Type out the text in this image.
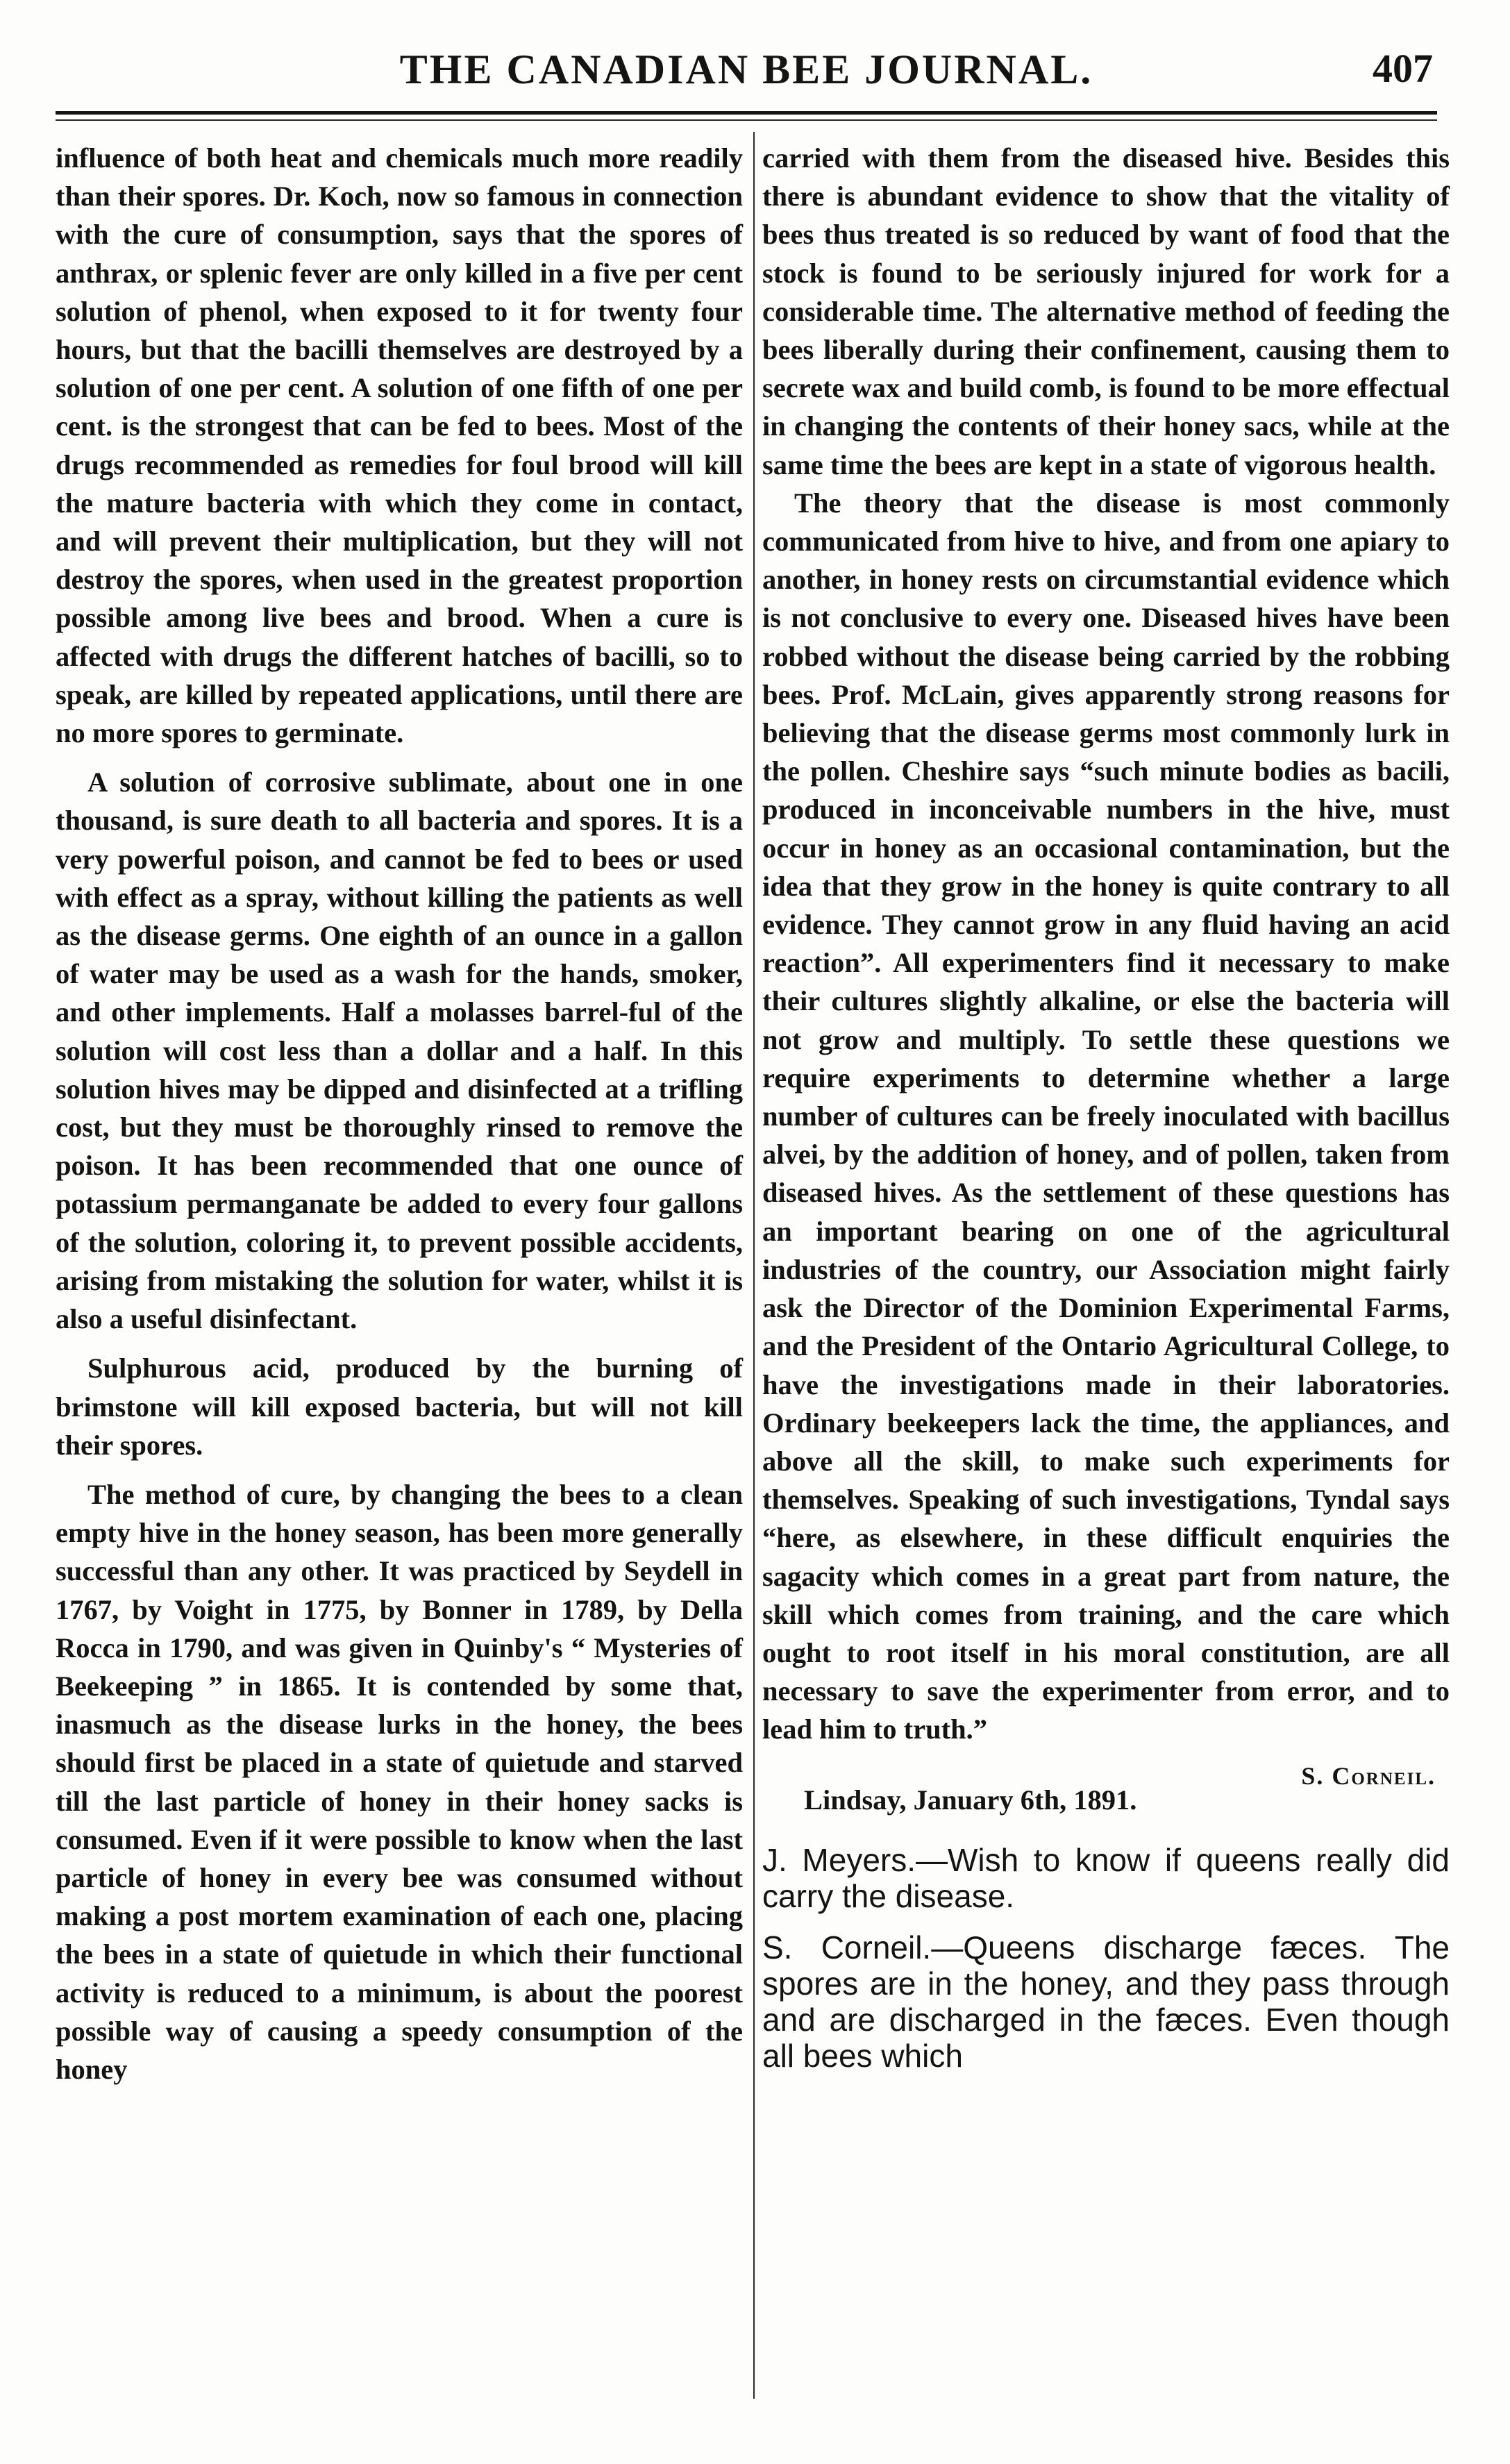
THE CANADIAN BEE JOURNAL.	407

influence of both heat and chemicals much more readily than their spores. Dr. Koch, now so famous in connection with the cure of consumption, says that the spores of anthrax, or splenic fever are only killed in a five per cent solution of phenol, when exposed to it for twenty four hours, but that the bacilli themselves are destroyed by a solution of one per cent. A solution of one fifth of one per cent. is the strongest that can be fed to bees. Most of the drugs recommended as remedies for foul brood will kill the mature bacteria with which they come in contact, and will prevent their multiplication, but they will not destroy the spores, when used in the greatest proportion possible among live bees and brood. When a cure is affected with drugs the different hatches of bacilli, so to speak, are killed by repeated applications, until there are no more spores to germinate.

A solution of corrosive sublimate, about one in one thousand, is sure death to all bacteria and spores. It is a very powerful poison, and cannot be fed to bees or used with effect as a spray, without killing the patients as well as the disease germs. One eighth of an ounce in a gallon of water may be used as a wash for the hands, smoker, and other implements. Half a molasses barrel-ful of the solution will cost less than a dollar and a half. In this solution hives may be dipped and disinfected at a trifling cost, but they must be thoroughly rinsed to remove the poison. It has been recommended that one ounce of potassium permanganate be added to every four gallons of the solution, coloring it, to prevent possible accidents, arising from mistaking the solution for water, whilst it is also a useful disinfectant.

Sulphurous acid, produced by the burning of brimstone will kill exposed bacteria, but will not kill their spores.

The method of cure, by changing the bees to a clean empty hive in the honey season, has been more generally successful than any other. It was practiced by Seydell in 1767, by Voight in 1775, by Bonner in 1789, by Della Rocca in 1790, and was given in Quinby's “ Mysteries of Beekeeping ” in 1865. It is contended by some that, inasmuch as the disease lurks in the honey, the bees should first be placed in a state of quietude and starved till the last particle of honey in their honey sacks is consumed. Even if it were possible to know when the last particle of honey in every bee was consumed without making a post mortem examination of each one, placing the bees in a state of quietude in which their functional activity is reduced to a minimum, is about the poorest possible way of causing a speedy consumption of the honey

carried with them from the diseased hive. Besides this there is abundant evidence to show that the vitality of bees thus treated is so reduced by want of food that the stock is found to be seriously injured for work for a considerable time. The alternative method of feeding the bees liberally during their confinement, causing them to secrete wax and build comb, is found to be more effectual in changing the contents of their honey sacs, while at the same time the bees are kept in a state of vigorous health.

The theory that the disease is most commonly communicated from hive to hive, and from one apiary to another, in honey rests on circumstantial evidence which is not conclusive to every one. Diseased hives have been robbed without the disease being carried by the robbing bees. Prof. McLain, gives apparently strong reasons for believing that the disease germs most commonly lurk in the pollen. Cheshire says “such minute bodies as bacili, produced in inconceivable numbers in the hive, must occur in honey as an occasional contamination, but the idea that they grow in the honey is quite contrary to all evidence. They cannot grow in any fluid having an acid reaction”. All experimenters find it necessary to make their cultures slightly alkaline, or else the bacteria will not grow and multiply. To settle these questions we require experiments to determine whether a large number of cultures can be freely inoculated with bacillus alvei, by the addition of honey, and of pollen, taken from diseased hives. As the settlement of these questions has an important bearing on one of the agricultural industries of the country, our Association might fairly ask the Director of the Dominion Experimental Farms, and the President of the Ontario Agricultural College, to have the investigations made in their laboratories. Ordinary beekeepers lack the time, the appliances, and above all the skill, to make such experiments for themselves. Speaking of such investigations, Tyndal says “here, as elsewhere, in these difficult enquiries the sagacity which comes in a great part from nature, the skill which comes from training, and the care which ought to root itself in his moral constitution, are all necessary to save the experimenter from error, and to lead him to truth.”

S. Corneil.
Lindsay, January 6th, 1891.

J. Meyers.—Wish to know if queens really did carry the disease.

S. Corneil.—Queens discharge fæces. The spores are in the honey, and they pass through and are discharged in the fæces. Even though all bees which
